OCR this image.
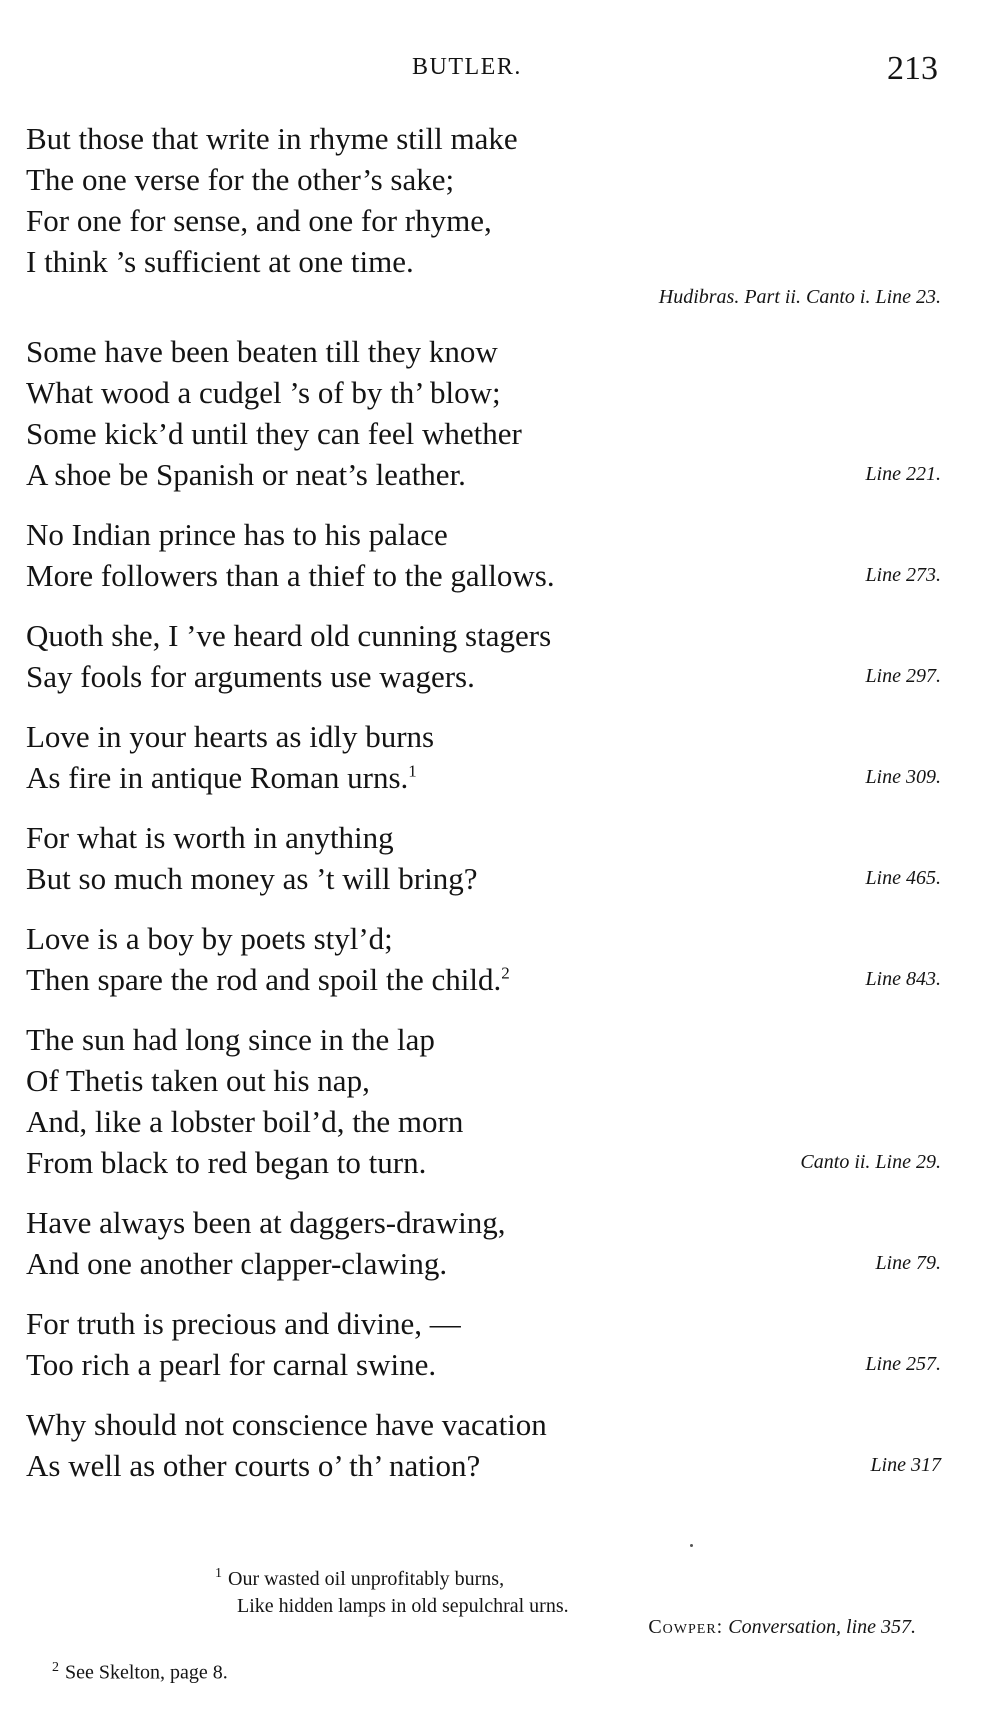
BUTLER.	213
But those that write in rhyme still make
The one verse for the other’s sake;
For one for sense, and one for rhyme,
I think ’s sufficient at one time.
Hudibras. Part ii. Canto i. Line 23.
Some have been beaten till they know
What wood a cudgel ’s of by th’ blow;
Some kick’d until they can feel whether
A shoe be Spanish or neat’s leather.	Line 221.
No Indian prince has to his palace
More followers than a thief to the gallows.	Line 273.
Quoth she, I ’ve heard old cunning stagers
Say fools for arguments use wagers.	Line 297.
Love in your hearts as idly burns
As fire in antique Roman urns.$^1$	Line 309.
For what is worth in anything
But so much money as ’t will bring?	Line 465.
Love is a boy by poets styl’d;
Then spare the rod and spoil the child.$^2$	Line 843.
The sun had long since in the lap
Of Thetis taken out his nap,
And, like a lobster boil’d, the morn
From black to red began to turn.	Canto ii. Line 29.
Have always been at daggers-drawing,
And one another clapper-clawing.	Line 79.
For truth is precious and divine, —
Too rich a pearl for carnal swine.	Line 257.
Why should not conscience have vacation
As well as other courts o’ th’ nation?	Line 317
$^1$ Our wasted oil unprofitably burns,
Like hidden lamps in old sepulchral urns.
Cowper: Conversation, line 357.
$^2$ See Skelton, page 8.
